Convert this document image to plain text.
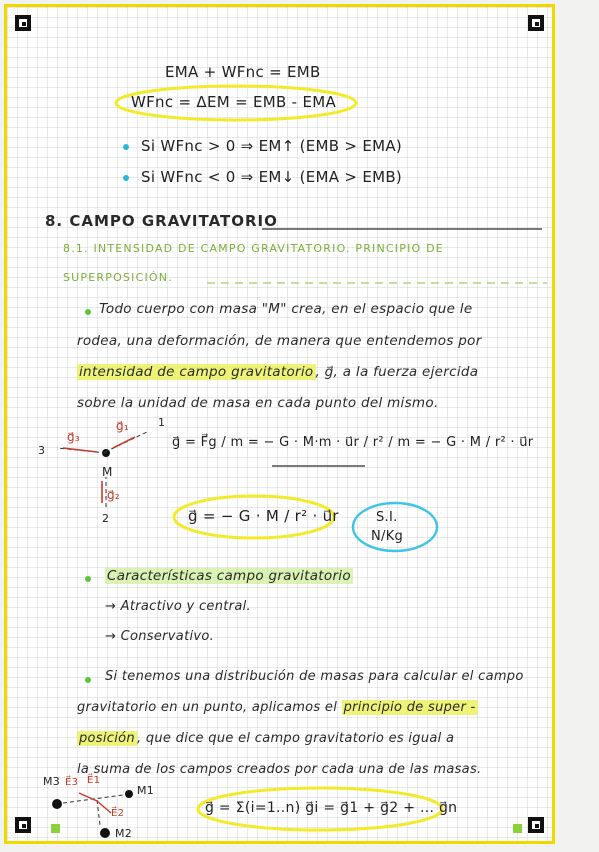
EMA + WFnc = EMB
WFnc = ΔEM = EMB - EMA
Si WFnc > 0 ⇒ EM↑ (EMB > EMA)
Si WFnc < 0 ⇒ EM↓ (EMA > EMB)
8. CAMPO GRAVITATORIO
8.1. INTENSIDAD DE CAMPO GRAVITATORIO. PRINCIPIO DE
SUPERPOSICIÓN.
Todo cuerpo con masa "M" crea, en el espacio que le
rodea, una deformación, de manera que entendemos por
intensidad de campo gravitatorio , g⃗, a la fuerza ejercida
sobre la unidad de masa en cada punto del mismo.
1
3
2
M
g⃗₁
g⃗₃
g⃗₂
g⃗ = F⃗g / m = − G · M·m · u⃗r / r² / m = − G · M / r² · u⃗r
g⃗ = − G · M / r² · u⃗r	S.I.
N/Kg
Características campo gravitatorio
→ Atractivo y central.
→ Conservativo.
Si tenemos una distribución de masas para calcular el campo
gravitatorio en un punto, aplicamos el principio de super -
posición , que dice que el campo gravitatorio es igual a
la suma de los campos creados por cada una de las masas.
M3
M1
M2
E⃗3 E⃗1
E⃗2	g⃗ = Σ(i=1..n) g⃗i = g⃗1 + g⃗2 + ... g⃗n
